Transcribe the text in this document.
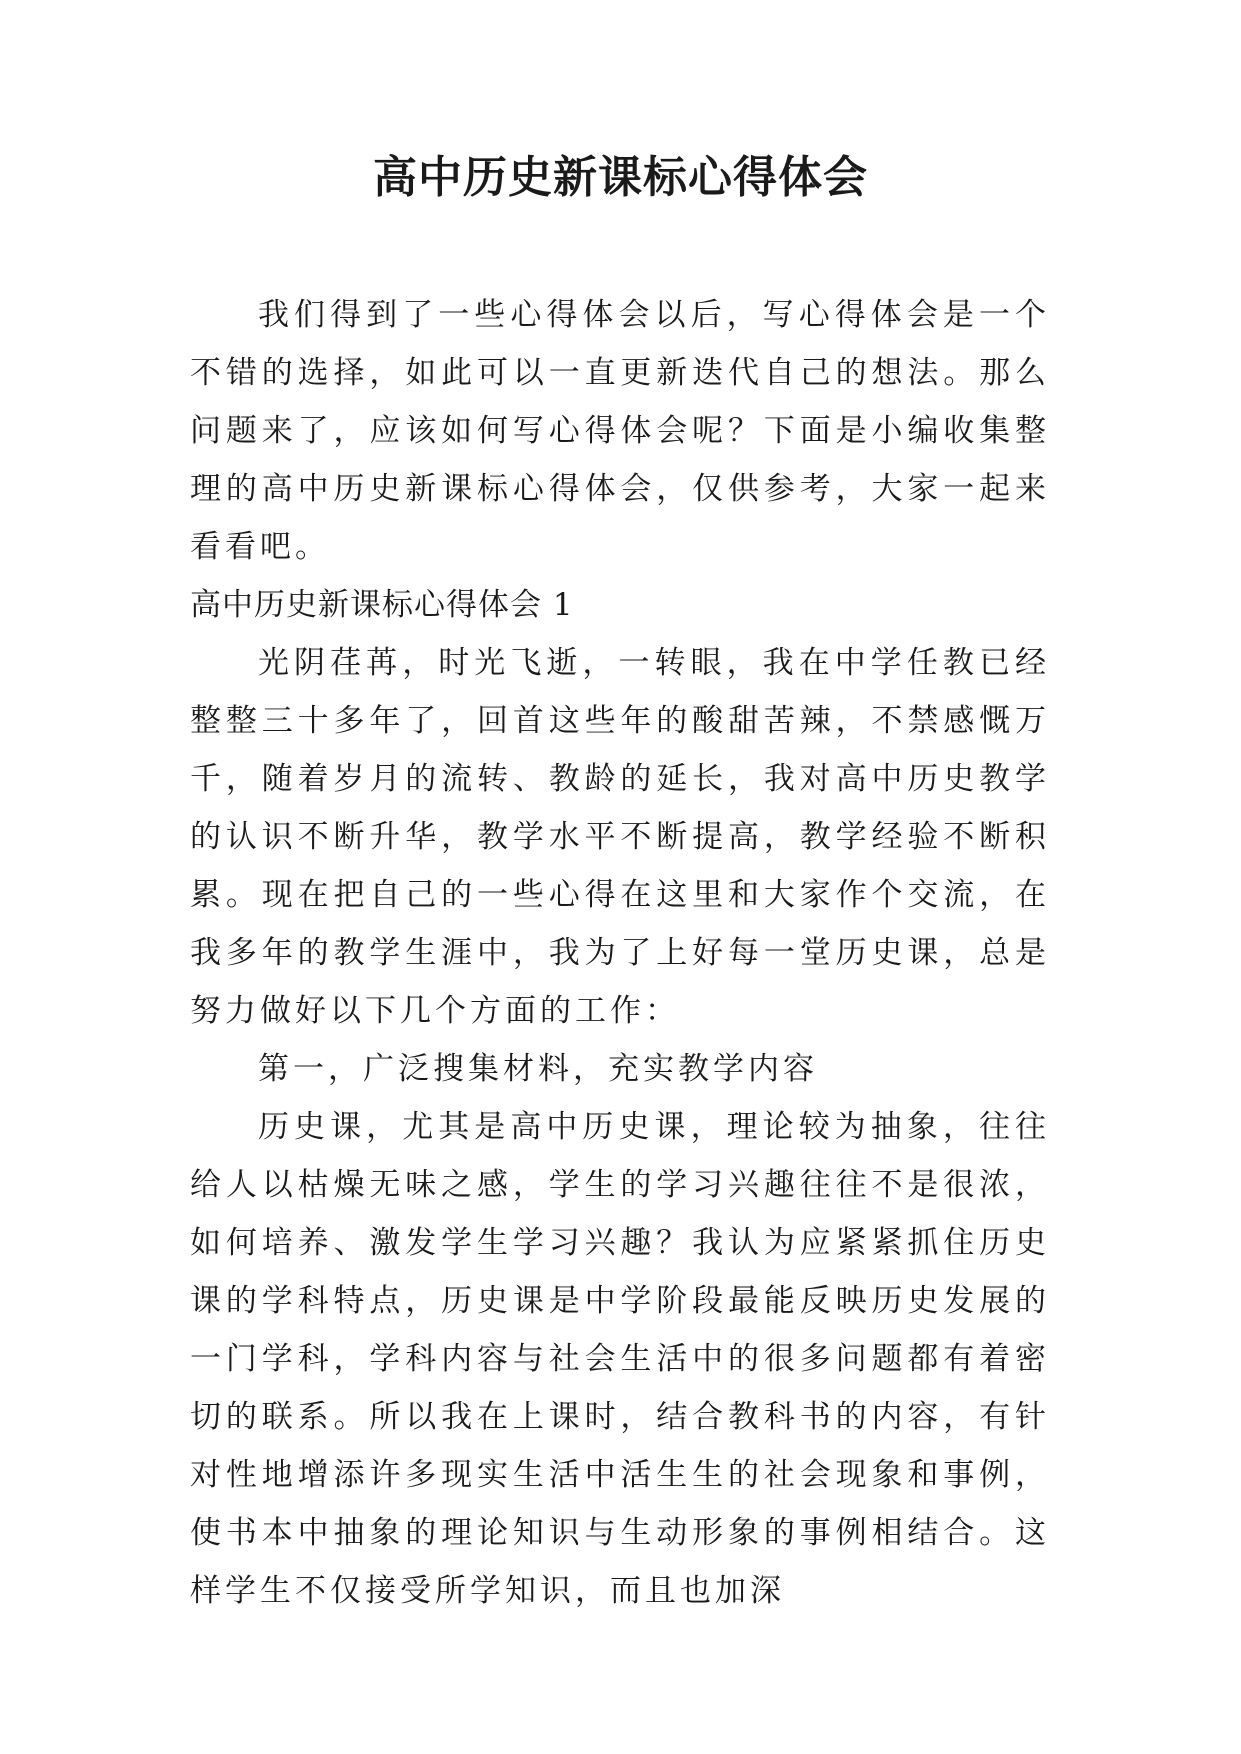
高中历史新课标心得体会

我们得到了一些心得体会以后，写心得体会是一个不错的选择，如此可以一直更新迭代自己的想法。那么问题来了，应该如何写心得体会呢？下面是小编收集整理的高中历史新课标心得体会，仅供参考，大家一起来看看吧。

高中历史新课标心得体会 1

光阴荏苒，时光飞逝，一转眼，我在中学任教已经整整三十多年了，回首这些年的酸甜苦辣，不禁感慨万千，随着岁月的流转、教龄的延长，我对高中历史教学的认识不断升华，教学水平不断提高，教学经验不断积累。现在把自己的一些心得在这里和大家作个交流，在我多年的教学生涯中，我为了上好每一堂历史课，总是努力做好以下几个方面的工作：

第一，广泛搜集材料，充实教学内容

历史课，尤其是高中历史课，理论较为抽象，往往给人以枯燥无味之感，学生的学习兴趣往往不是很浓，如何培养、激发学生学习兴趣？我认为应紧紧抓住历史课的学科特点，历史课是中学阶段最能反映历史发展的一门学科，学科内容与社会生活中的很多问题都有着密切的联系。所以我在上课时，结合教科书的内容，有针对性地增添许多现实生活中活生生的社会现象和事例，使书本中抽象的理论知识与生动形象的事例相结合。这样学生不仅接受所学知识，而且也加深
